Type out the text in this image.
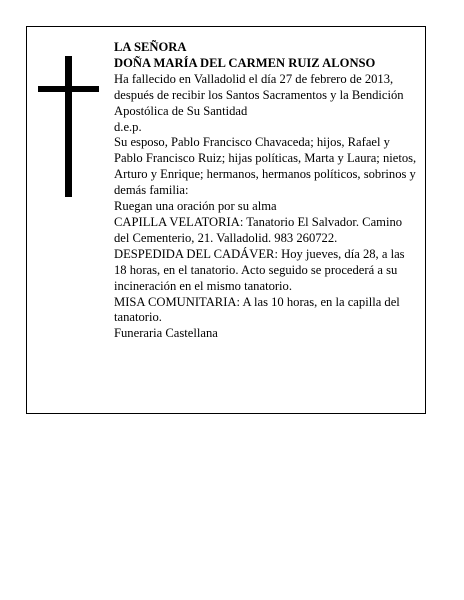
LA SEÑORA

DOÑA MARÍA DEL CARMEN RUIZ ALONSO

Ha fallecido en Valladolid el día 27 de febrero de 2013, después de recibir los Santos Sacramentos y la Bendición Apostólica de Su Santidad

d.e.p.

Su esposo, Pablo Francisco Chavaceda; hijos, Rafael y Pablo Francisco Ruiz; hijas políticas, Marta y Laura; nietos, Arturo y Enrique; hermanos, hermanos políticos, sobrinos y demás familia:

Ruegan una oración por su alma

CAPILLA VELATORIA: Tanatorio El Salvador. Camino del Cementerio, 21. Valladolid. 983 260722.

DESPEDIDA DEL CADÁVER: Hoy jueves, día 28, a las 18 horas, en el tanatorio. Acto seguido se procederá a su incineración en el mismo tanatorio.

MISA COMUNITARIA: A las 10 horas, en la capilla del tanatorio.

Funeraria Castellana
